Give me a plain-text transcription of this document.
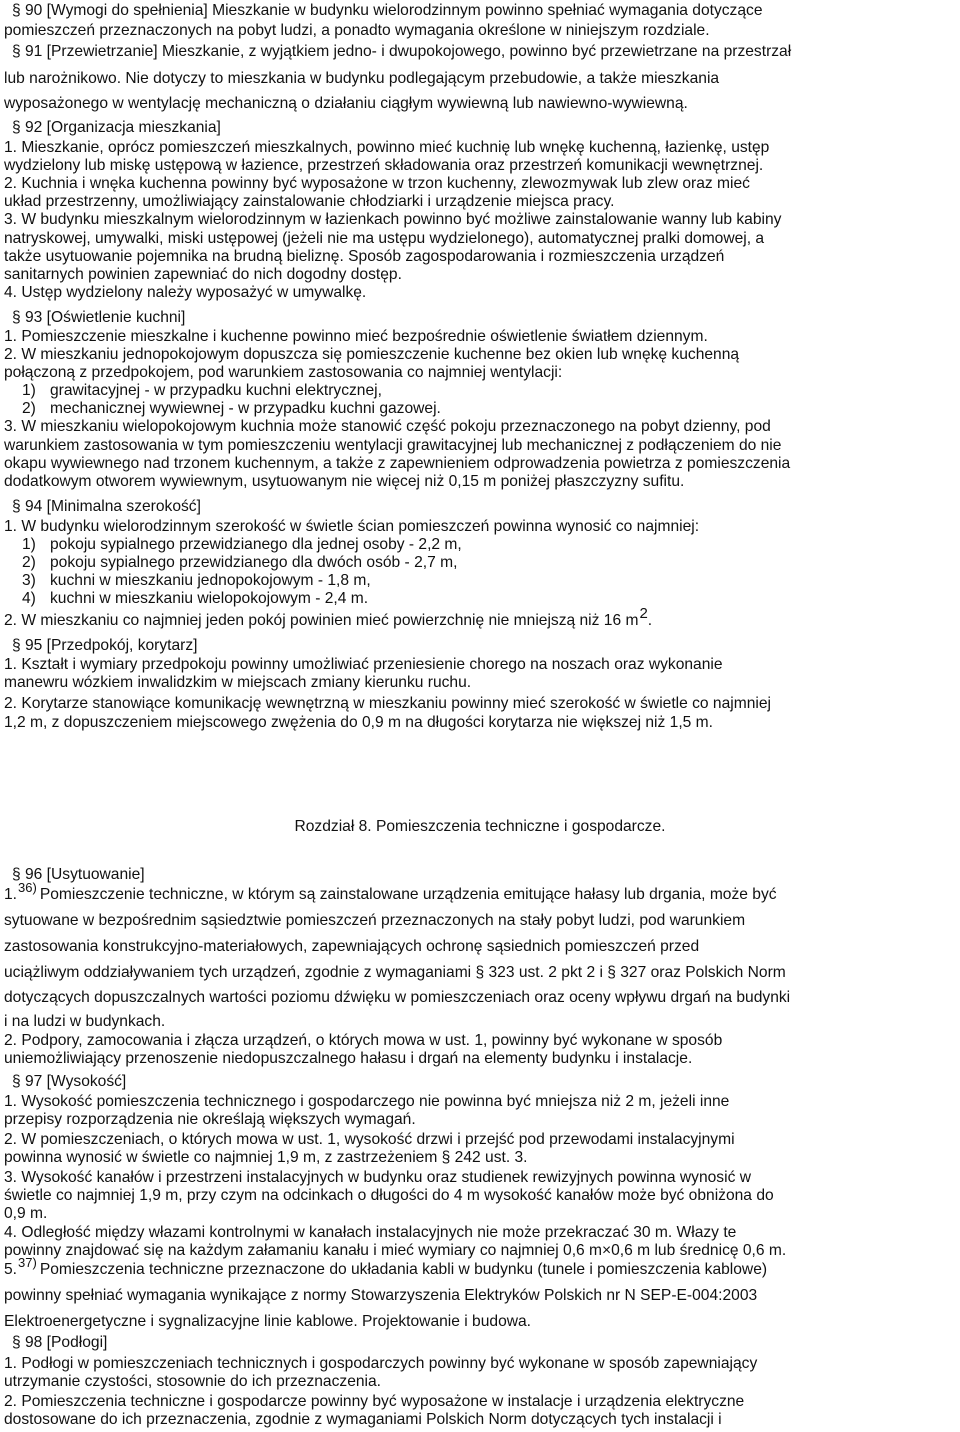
Rozdział 8. Pomieszczenia techniczne i gospodarcze.
§ 90 [Wymogi do spełnienia] Mieszkanie w budynku wielorodzinnym powinno spełniać wymagania dotyczące
pomieszczeń przeznaczonych na pobyt ludzi, a ponadto wymagania określone w niniejszym rozdziale.
§ 91 [Przewietrzanie] Mieszkanie, z wyjątkiem jedno- i dwupokojowego, powinno być przewietrzane na przestrzał
lub narożnikowo. Nie dotyczy to mieszkania w budynku podlegającym przebudowie, a także mieszkania
wyposażonego w wentylację mechaniczną o działaniu ciągłym wywiewną lub nawiewno-wywiewną.
§ 92 [Organizacja mieszkania]
1. Mieszkanie, oprócz pomieszczeń mieszkalnych, powinno mieć kuchnię lub wnękę kuchenną, łazienkę, ustęp
wydzielony lub miskę ustępową w łazience, przestrzeń składowania oraz przestrzeń komunikacji wewnętrznej.
2. Kuchnia i wnęka kuchenna powinny być wyposażone w trzon kuchenny, zlewozmywak lub zlew oraz mieć
układ przestrzenny, umożliwiający zainstalowanie chłodziarki i urządzenie miejsca pracy.
3. W budynku mieszkalnym wielorodzinnym w łazienkach powinno być możliwe zainstalowanie wanny lub kabiny
natryskowej, umywalki, miski ustępowej (jeżeli nie ma ustępu wydzielonego), automatycznej pralki domowej, a
także usytuowanie pojemnika na brudną bieliznę. Sposób zagospodarowania i rozmieszczenia urządzeń
sanitarnych powinien zapewniać do nich dogodny dostęp.
4. Ustęp wydzielony należy wyposażyć w umywalkę.
§ 93 [Oświetlenie kuchni]
1. Pomieszczenie mieszkalne i kuchenne powinno mieć bezpośrednie oświetlenie światłem dziennym.
2. W mieszkaniu jednopokojowym dopuszcza się pomieszczenie kuchenne bez okien lub wnękę kuchenną
połączoną z przedpokojem, pod warunkiem zastosowania co najmniej wentylacji:
1) grawitacyjnej - w przypadku kuchni elektrycznej,
2) mechanicznej wywiewnej - w przypadku kuchni gazowej.
3. W mieszkaniu wielopokojowym kuchnia może stanowić część pokoju przeznaczonego na pobyt dzienny, pod
warunkiem zastosowania w tym pomieszczeniu wentylacji grawitacyjnej lub mechanicznej z podłączeniem do nie
okapu wywiewnego nad trzonem kuchennym, a także z zapewnieniem odprowadzenia powietrza z pomieszczenia
dodatkowym otworem wywiewnym, usytuowanym nie więcej niż 0,15 m poniżej płaszczyzny sufitu.
§ 94 [Minimalna szerokość]
1. W budynku wielorodzinnym szerokość w świetle ścian pomieszczeń powinna wynosić co najmniej:
1) pokoju sypialnego przewidzianego dla jednej osoby - 2,2 m,
2) pokoju sypialnego przewidzianego dla dwóch osób - 2,7 m,
3) kuchni w mieszkaniu jednopokojowym - 1,8 m,
4) kuchni w mieszkaniu wielopokojowym - 2,4 m.
2. W mieszkaniu co najmniej jeden pokój powinien mieć powierzchnię nie mniejszą niż 16 m2.
§ 95 [Przedpokój, korytarz]
1. Kształt i wymiary przedpokoju powinny umożliwiać przeniesienie chorego na noszach oraz wykonanie
manewru wózkiem inwalidzkim w miejscach zmiany kierunku ruchu.
2. Korytarze stanowiące komunikację wewnętrzną w mieszkaniu powinny mieć szerokość w świetle co najmniej
1,2 m, z dopuszczeniem miejscowego zwężenia do 0,9 m na długości korytarza nie większej niż 1,5 m.
§ 96 [Usytuowanie]
1.$^{36)}$ Pomieszczenie techniczne, w którym są zainstalowane urządzenia emitujące hałasy lub drgania, może być
sytuowane w bezpośrednim sąsiedztwie pomieszczeń przeznaczonych na stały pobyt ludzi, pod warunkiem
zastosowania konstrukcyjno-materiałowych, zapewniających ochronę sąsiednich pomieszczeń przed
uciążliwym oddziaływaniem tych urządzeń, zgodnie z wymaganiami § 323 ust. 2 pkt 2 i § 327 oraz Polskich Norm
dotyczących dopuszczalnych wartości poziomu dźwięku w pomieszczeniach oraz oceny wpływu drgań na budynki
i na ludzi w budynkach.
2. Podpory, zamocowania i złącza urządzeń, o których mowa w ust. 1, powinny być wykonane w sposób
uniemożliwiający przenoszenie niedopuszczalnego hałasu i drgań na elementy budynku i instalacje.
§ 97 [Wysokość]
1. Wysokość pomieszczenia technicznego i gospodarczego nie powinna być mniejsza niż 2 m, jeżeli inne
przepisy rozporządzenia nie określają większych wymagań.
2. W pomieszczeniach, o których mowa w ust. 1, wysokość drzwi i przejść pod przewodami instalacyjnymi
powinna wynosić w świetle co najmniej 1,9 m, z zastrzeżeniem § 242 ust. 3.
3. Wysokość kanałów i przestrzeni instalacyjnych w budynku oraz studienek rewizyjnych powinna wynosić w
świetle co najmniej 1,9 m, przy czym na odcinkach o długości do 4 m wysokość kanałów może być obniżona do
0,9 m.
4. Odległość między włazami kontrolnymi w kanałach instalacyjnych nie może przekraczać 30 m. Włazy te
powinny znajdować się na każdym załamaniu kanału i mieć wymiary co najmniej 0,6 m×0,6 m lub średnicę 0,6 m.
5.$^{37)}$ Pomieszczenia techniczne przeznaczone do układania kabli w budynku (tunele i pomieszczenia kablowe)
powinny spełniać wymagania wynikające z normy Stowarzyszenia Elektryków Polskich nr N SEP-E-004:2003
Elektroenergetyczne i sygnalizacyjne linie kablowe. Projektowanie i budowa.
§ 98 [Podłogi]
1. Podłogi w pomieszczeniach technicznych i gospodarczych powinny być wykonane w sposób zapewniający
utrzymanie czystości, stosownie do ich przeznaczenia.
2. Pomieszczenia techniczne i gospodarcze powinny być wyposażone w instalacje i urządzenia elektryczne
dostosowane do ich przeznaczenia, zgodnie z wymaganiami Polskich Norm dotyczących tych instalacji i
